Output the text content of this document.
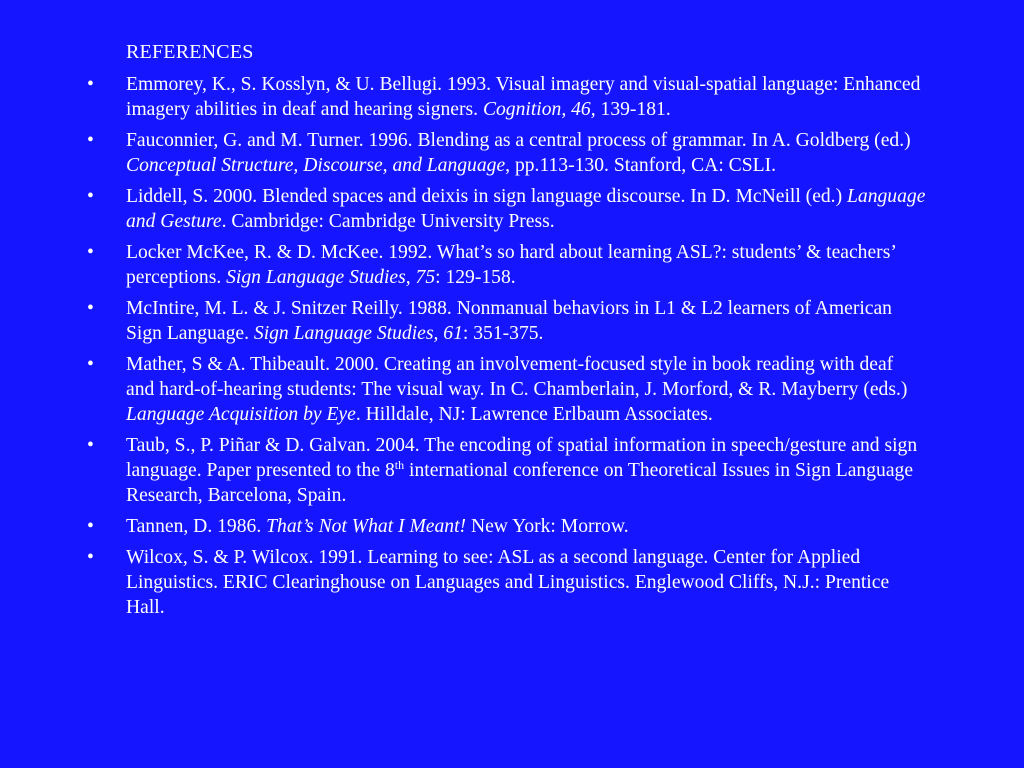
REFERENCES
• Emmorey, K., S. Kosslyn, & U. Bellugi. 1993. Visual imagery and visual-spatial language: Enhanced imagery abilities in deaf and hearing signers. Cognition, 46, 139-181.
• Fauconnier, G. and M. Turner. 1996. Blending as a central process of grammar. In A. Goldberg (ed.) Conceptual Structure, Discourse, and Language, pp.113-130. Stanford, CA: CSLI.
• Liddell, S. 2000. Blended spaces and deixis in sign language discourse. In D. McNeill (ed.) Language and Gesture. Cambridge: Cambridge University Press.
• Locker McKee, R. & D. McKee. 1992. What’s so hard about learning ASL?: students’ & teachers’ perceptions. Sign Language Studies, 75: 129-158.
• McIntire, M. L. & J. Snitzer Reilly. 1988. Nonmanual behaviors in L1 & L2 learners of American Sign Language. Sign Language Studies, 61: 351-375.
• Mather, S & A. Thibeault. 2000. Creating an involvement-focused style in book reading with deaf and hard-of-hearing students: The visual way. In C. Chamberlain, J. Morford, & R. Mayberry (eds.) Language Acquisition by Eye. Hilldale, NJ: Lawrence Erlbaum Associates.
• Taub, S., P. Piñar & D. Galvan. 2004. The encoding of spatial information in speech/gesture and sign language. Paper presented to the 8th international conference on Theoretical Issues in Sign Language Research, Barcelona, Spain.
• Tannen, D. 1986. That’s Not What I Meant! New York: Morrow.
• Wilcox, S. & P. Wilcox. 1991. Learning to see: ASL as a second language. Center for Applied Linguistics. ERIC Clearinghouse on Languages and Linguistics. Englewood Cliffs, N.J.: Prentice Hall.
